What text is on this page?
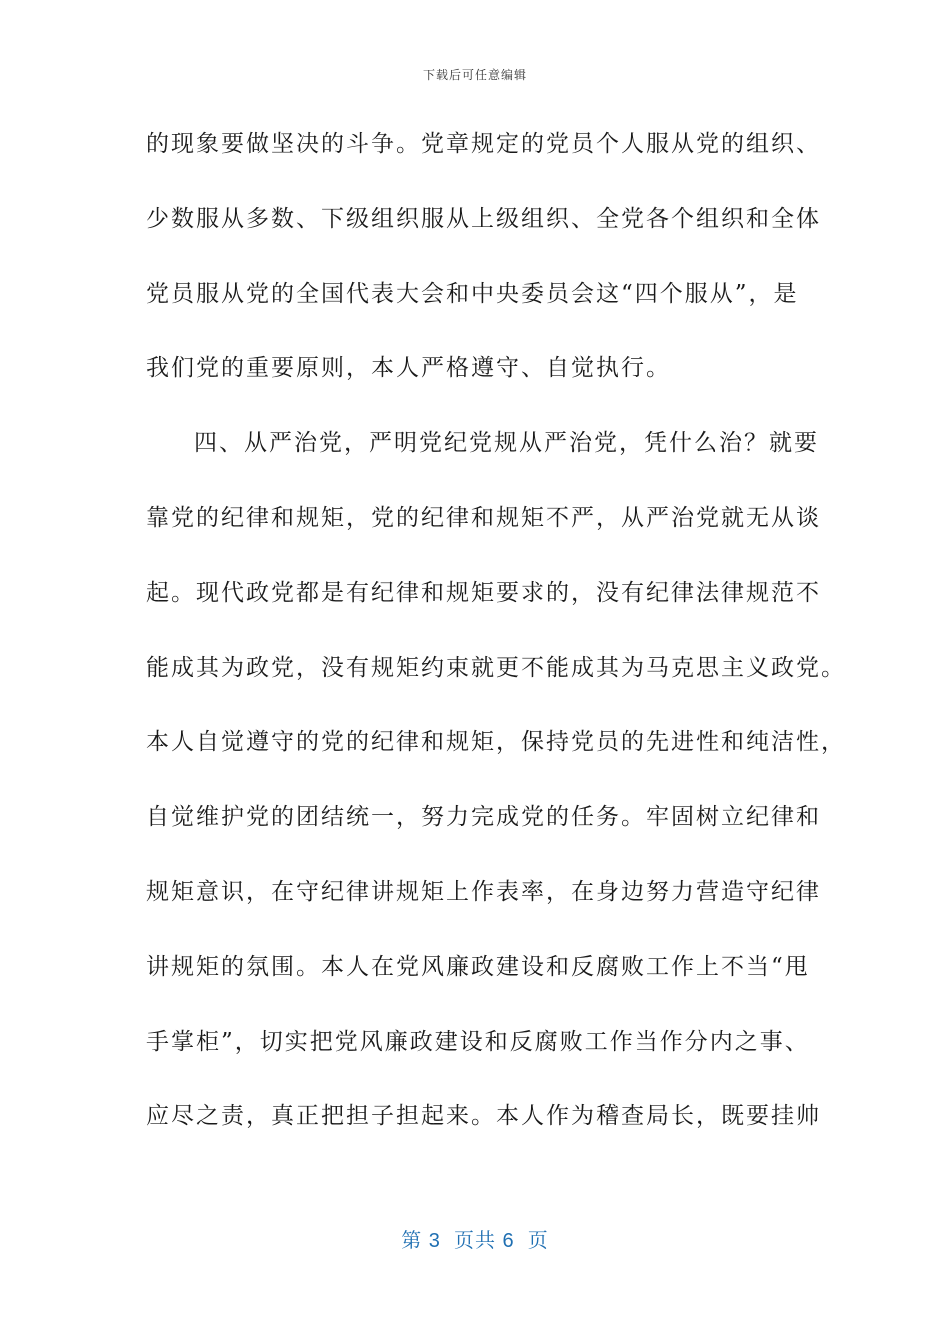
下载后可任意编辑
的现象要做坚决的斗争。党章规定的党员个人服从党的组织、
少数服从多数、下级组织服从上级组织、全党各个组织和全体
党员服从党的全国代表大会和中央委员会这“四个服从”，是
我们党的重要原则，本人严格遵守、自觉执行。
四、从严治党，严明党纪党规从严治党，凭什么治？就要
靠党的纪律和规矩，党的纪律和规矩不严，从严治党就无从谈
起。现代政党都是有纪律和规矩要求的，没有纪律法律规范不
能成其为政党，没有规矩约束就更不能成其为马克思主义政党。
本人自觉遵守的党的纪律和规矩，保持党员的先进性和纯洁性，
自觉维护党的团结统一，努力完成党的任务。牢固树立纪律和
规矩意识，在守纪律讲规矩上作表率，在身边努力营造守纪律
讲规矩的氛围。本人在党风廉政建设和反腐败工作上不当“甩
手掌柜”，切实把党风廉政建设和反腐败工作当作分内之事、
应尽之责，真正把担子担起来。本人作为稽查局长，既要挂帅
第 3  页共 6  页
